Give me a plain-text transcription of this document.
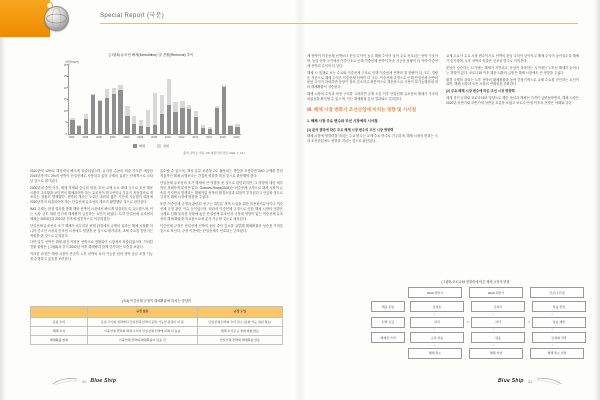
Special Report (국문)
(그림8) 유조선 해체(Demolition) 및 전환(Removal) 추이
(백만DWT)
0
10
15
20
25
30
1996	1998	2000	2002	2004	2006	2008	2010	2012	2014	2016	2018	2020
해체	전환
출처: 클락슨 자료, SN 재정리(작성일: 2021. 1. 14.)

2010년에 12%로 해상에서 빠르게 퇴출되었으며, 유사한 수준의 퇴출 강도를 예상한 2015년까지도 2%의 선박이 단일선체로 사용되고 있어 규제의 효과는 단계적으로 나타난 것으로 평가된다.

2000년대 중반 이후, 세계 경제와 중국의 성장, 조선 교체 수요 확대 등으로 조선·해운 시황이 초호황을 보이면서 해체되어야 하는 유조선이 벌크선이나 부유식 저장설비로 개조되는 상황도 발생했다. 선박의 개조는 1~2년 내외의 짧은 기간에 가능했기 때문에 2010년까지 퇴출되어야 하는 단일선체 유조선의 개조가 활발했던 것으로 판단된다.

IMO 규제는 잠정 결과를 통해 해당 선박이 시장에서 빠르게 퇴출되도록 유도했으며, 이는 시장 규모 대비 단기에 해체량이 급증하는 요인이 되었다. 특히 단일선체 유조선의 해체는 2003년과 2010년 전후에 집중적으로 이루어졌다.

단일선체 유조선의 조기 해체가 마무리된 현재 관점에서 규제의 효과는 해체 시장뿐 아니라 중고선 시장과 신조선 시장에도 영향을 준 것으로 평가되며, 교체 수요를 앞당기는 역할을 한 것으로 분석된다.

다만 일부 선박은 해체 대신 저장용 선박으로 전환되어 시장에서 퇴출되었으며, 이러한 전환 물량은 (그림8)과 같이 2007년 이후 해체량과 함께 증가하는 모습을 보였다.

이러한 과정은 해체 시장이 단순히 노후 선박의 처리 기능을 넘어 선박 공급 조절 기능을 수행하고 있음을 보여준다.

흡수할 수 있으며, 해상 유류 보관창고로 활용되는 방안을 포함하면 IMO 규제를 통한 직접적인 해체 시행보다는 간접적 영향을 미친 것으로 판단해야 한다.

단일선체 유조선의 조기 해체에 큰 영향을 준 것으로 판단되지만, 그 영향에 대한 세부적인 경제학적 분석은 없다. Graham-Rowa(2004)는 이중선체 규정으로 해체 시장이 급속히 커지면서 발생하는 해체작업 선박의 환경오염과 위험이 부각된다고 언급할 정도로 규정이 해체 시장에 영향을 주었다.

또한 이중선체 규정과 관련된 연구는 대부분 정책 도입을 위한 비용편익분석이나 이중선체 규정 관련 이슈 등이었으며, 따라서 이중선체 규정으로 인한 해체 시장의 영향은 규제로 인해 불리한 상황에 놓인 단일선체 유조선과 규정에 영향이 없는 이중선체 유조선의 해체 확률을 비교함으로써 분석 가능할 것으로 예상된다.

이중선체 규정은 단일선체 선박의 운임 수익 감소를 유발해 해체확률의 상승을 가져올 것으로 보인다. 규정 이전에는 단일선체가 선호되는 구조였다.

(표4) 이중선체 규정이 해체확률에 미치는 영향력
	규정 없음	규정 도입
운임 수익	동일 크기의 선박에서 단일선체 선박이 운반 가능한 용량이 더 큼	단일선체 선박의 수익 감소 (운항 가능 범위 축소)
해체 수익	이중선체 선박의 해체 수익이 단일선체 선박에 비해 더 높음	해체 수익은 규정에 영향 없음
해체확률 변화	이중선체 선박의 해체확률이 낮을 것	단일선체 선박의 해체확률 상승

체 선박이 이중선체 선박보다 운임 수익이 높고 해체 수익이 낮아 주로 선호되는 선박 구조이며, 동일 선박 크기에서 이중구조로 인해 이중선체 선박이 운송 가능한 용량이 더 작아 이중선체 선박의 수익이 더 낮다.

해체 시 철재로 보는 수요와 이중선체 구조로 인해 이중선체 선박의 철 함량이 더 크고, 경량톤 기준으로 해체 수익은 이중선체 선박이 더 크다. 이중선체 규정으로 인해 단일선체 선박의 운임 수익이 하락하면 운항이 점차 감소하고 최종적으로 해운용으로 사용이 불가능해짐에 따라 해체확률이 상승한다.

해체 시장의 수익과 비용 구조를 고려하면 규제 도입 이후 단일선체 유조선의 해체가 가속화되었음을 확인할 수 있으며, 이는 해체확률 분석 결과와도 일치한다.

Ⅲ. 해체 시장 변화가 조선산업에 미치는 영향 및 시사점
1. 해체 시장 주요 변수와 조선 시장에의 시사점
(1) 분석 결과에 따른 주요 해체 시장 변수의 조선 시장 영향력

해체 시장에 영향력을 미치는 주요 변수는 교체 수요 변수로 간주되며, 해체 시장의 변화는 국내 조선산업에도 영향을 미치는 것으로 판단된다.

교체 수요가 주요 시장 변수이므로 선박의 운임 수익이 낮아지고 해체 수익이 높아질수록 해체가 증가하며, 노후 선박의 퇴출은 신조선 발주로 이어진다.

운임이 상승하는 시기에는 해체가 지연되고, 운임이 하락하는 시기에는 노후선 해체가 늘어나는 경향이 있다. 코로나19 이후 해운 시황의 급변은 해체 시장에도 큰 영향을 주었다.

환경 규제의 강화는 노후 선박의 해체확률을 높여 중장기적으로 교체 수요를 견인하는 요인이 되며, 해체 시장과 조선 시장의 연계성을 강화한다.

(2) 주요 해체 시장 변수에 따른 조선 시장 영향력

세계 경기 둔화와 코로나19의 영향으로 해운 운임과 해체선 가격이 급변동하면서, 해체 시장은 2020년 상반기와 하반기에 상반된 흐름을 보였고 코로나 안정 이후의 전망은 아래와 같다.

(그림9) 코로나19 영향력에 따른 해체 시장의 변화
2020 상반기	2020 하반기	코로나 안정
해운 운임	급상승	급하락	상승 전망
↓	↓	↓
선박 공급	하락	⇒	하락	⇒	상승 제한
↓	↓	↓
해체선 가격	소폭 상승	상승	안정화 전망
↓	↓	↓
해체 축소	해체 지연	해체 축소 전망
30 Blue Ship	Blue Ship 31
